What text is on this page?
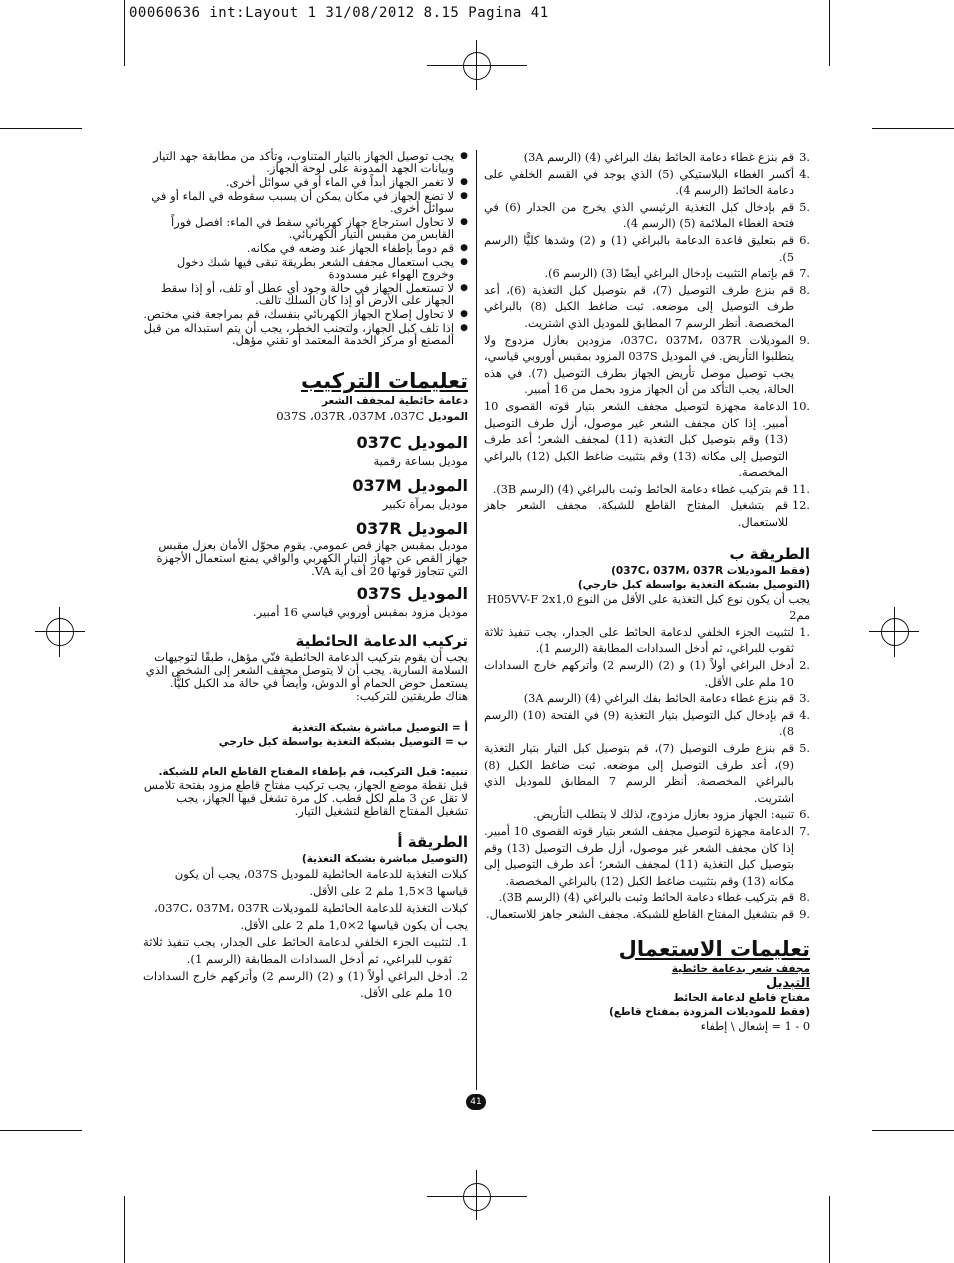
00060636 int:Layout 1 31/08/2012 8.15 Pagina 41
●
يجب توصيل الجهاز بالتيار المتناوب، وتأكد من مطابقة جهد التيار وبيانات الجهد المدونة على لوحة الجهاز.
●
لا تغمر الجهاز أبداً في الماء أو في سوائل أخرى.
●
لا تضع الجهاز في مكان يمكن أن يسبب سقوطه في الماء أو في سوائل أخرى.
●
لا تحاول استرجاع جهاز كهربائي سقط في الماء: افصل فوراً القابس من مقبس التيار الكهربائي.
●
قم دوماً بإطفاء الجهاز عند وضعه في مكانه.
●
يجب استعمال مجفف الشعر بطريقة تبقى فيها شبك دخول وخروج الهواء غير مسدودة
●
لا تستعمل الجهاز في حالة وجود أي عطل أو تلف، أو إذا سقط الجهاز على الأرض أو إذا كان السلك تالف.
●
لا تحاول إصلاح الجهاز الكهربائي بنفسك، قم بمراجعة فني مختص.
●
إذا تلف كبل الجهاز، ولتجنب الخطر، يجب أن يتم استبداله من قبل المصنع أو مركز الخدمة المعتمد أو تقني مؤهل.

تعليمات التركيب

دعامة حائطية لمجفف الشعر

الموديل 037S ،037R ،037M ،037C

الموديل 037C

موديل بساعة رقمية

الموديل 037M

موديل بمرآة تكبير

الموديل 037R

موديل بمقبس جهاز قص عمومي. يقوم محوّل الأمان بعزل مقبس جهاز القص عن جهاز التيار الكهربي والواقي يمنع استعمال الأجهزة التي تتجاوز قوتها 20 أف أية VA.

الموديل 037S

موديل مزود بمقبس أوروبي قياسي 16 أمبير.

تركيب الدعامة الحائطية

يجب أن يقوم بتركيب الدعامة الحائطية فنّي مؤهل، طبقًا لتوجيهات السلامة السارية. يجب أن لا يتوصل مجفف الشعر إلى الشخص الذي يستعمل حوض الحمام أو الدوش، وأيضاً في حالة مد الكبل كليًّا.

هناك طريقتين للتركيب:

أ = التوصيل مباشرة بشبكة التغذية

ب = التوصيل بشبكة التغذية بواسطة كبل خارجي

تنبيه: قبل التركيب، قم بإطفاء المفتاح القاطع العام للشبكة.

قبل نقطة موضع الجهاز، يجب تركيب مفتاح قاطع مزود بفتحة تلامس لا تقل عن 3 ملم لكل قطب. كل مرة تشغل فيها الجهاز، يجب تشغيل المفتاح القاطع لتشغيل التيار.

الطريقة أ

(التوصيل مباشرة بشبكة التغذية)

كبلات التغذية للدعامة الحائطية للموديل 037S، يجب أن يكون قياسها 3×1,5 ملم 2 على الأقل.

كبلات التغذية للدعامة الحائطية للموديلات 037C، 037M، 037R، يجب أن يكون قياسها 2×1,0 ملم 2 على الأقل.

1.
لتثبيت الجزء الخلفي لدعامة الحائط على الجدار، يجب تنفيذ ثلاثة ثقوب للبراغي، ثم أدخل السدادات المطابقة (الرسم 1).
2.
أدخل البراغي أولاً (1) و (2) (الرسم 2) وأتركهم خارج السدادات 10 ملم على الأقل.
.3
قم بنزع غطاء دعامة الحائط بفك البراغي (4) (الرسم 3A)
.4
أكسر الغطاء البلاستيكي (5) الذي يوجد في القسم الخلفي على دعامة الحائط (الرسم 4).
.5
قم بإدخال كبل التغذية الرئيسي الذي يخرج من الجدار (6) في فتحة الغطاء الملائمة (5) (الرسم 4).
.6
قم بتعليق قاعدة الدعامة بالبراغي (1) و (2) وشدها كليًّا (الرسم 5).
.7
قم بإتمام التثبيت بإدخال البراغي أيضًا (3) (الرسم 6).
.8
قم بنزع طرف التوصيل (7)، قم بتوصيل كبل التغذية (6)، أعد طرف التوصيل إلى موضعه. ثبت ضاغط الكبل (8) بالبراغي المخصصة. أنظر الرسم 7 المطابق للموديل الذي اشتريت.
.9
الموديلات 037C، 037M، 037R، مزودين بعازل مزدوج ولا يتطلبوا التأريض. في الموديل 037S المزود بمقبس أوروبي قياسي، يجب توصيل موصل تأريض الجهاز بطرف التوصيل (7). في هذه الحالة، يجب التأكد من أن الجهاز مزود بحمل من 16 أمبير.
.10
الدعامة مجهزة لتوصيل مجفف الشعر بتيار قوته القصوى 10 أمبير. إذا كان مجفف الشعر غير موصول، أزل طرف التوصيل (13) وقم بتوصيل كبل التغذية (11) لمجفف الشعر؛ أعد طرف التوصيل إلى مكانه (13) وقم بتثبيت ضاغط الكبل (12) بالبراغي المخصصة.
.11
قم بتركيب غطاء دعامة الحائط وثبت بالبراغي (4) (الرسم 3B).
.12
قم بتشغيل المفتاح القاطع للشبكة. مجفف الشعر جاهز للاستعمال.

الطريقة ب

(فقط الموديلات 037C، 037M، 037R)

(التوصيل بشبكة التغذية بواسطة كبل خارجي)

يجب أن يكون نوع كبل التغذية على الأقل من النوع H05VV-F 2x1,0 مم2

.1
لتثبيت الجزء الخلفي لدعامة الحائط على الجدار، يجب تنفيذ ثلاثة ثقوب للبراغي، ثم أدخل السدادات المطابقة (الرسم 1).
.2
أدخل البراغي أولاً (1) و (2) (الرسم 2) وأتركهم خارج السدادات 10 ملم على الأقل.
.3
قم بنزع غطاء دعامة الحائط بفك البراغي (4) (الرسم 3A)
.4
قم بإدخال كبل التوصيل بتيار التغذية (9) في الفتحة (10) (الرسم 8).
.5
قم بنزع طرف التوصيل (7)، قم بتوصيل كبل التيار بتيار التغذية (9)، أعد طرف التوصيل إلى موضعه. ثبت ضاغط الكبل (8) بالبراغي المخصصة. أنظر الرسم 7 المطابق للموديل الذي اشتريت.
.6
تنبيه: الجهاز مزود بعازل مزدوج، لذلك لا يتطلب التأريض.
.7
الدعامة مجهزة لتوصيل مجفف الشعر بتيار قوته القصوى 10 أمبير. إذا كان مجفف الشعر غير موصول، أزل طرف التوصيل (13) وقم بتوصيل كبل التغذية (11) لمجفف الشعر؛ أعد طرف التوصيل إلى مكانه (13) وقم بتثبيت ضاغط الكبل (12) بالبراغي المخصصة.
.8
قم بتركيب غطاء دعامة الحائط وثبت بالبراغي (4) (الرسم 3B).
.9
قم بتشغيل المفتاح القاطع للشبكة. مجفف الشعر جاهز للاستعمال.

تعليمات الاستعمال

مجفف شعر بدعامة حائطية

التبديل

مفتاح قاطع لدعامة الحائط

(فقط للموديلات المزودة بمفتاح قاطع)

0 - 1 = إشعال \ إطفاء

41
